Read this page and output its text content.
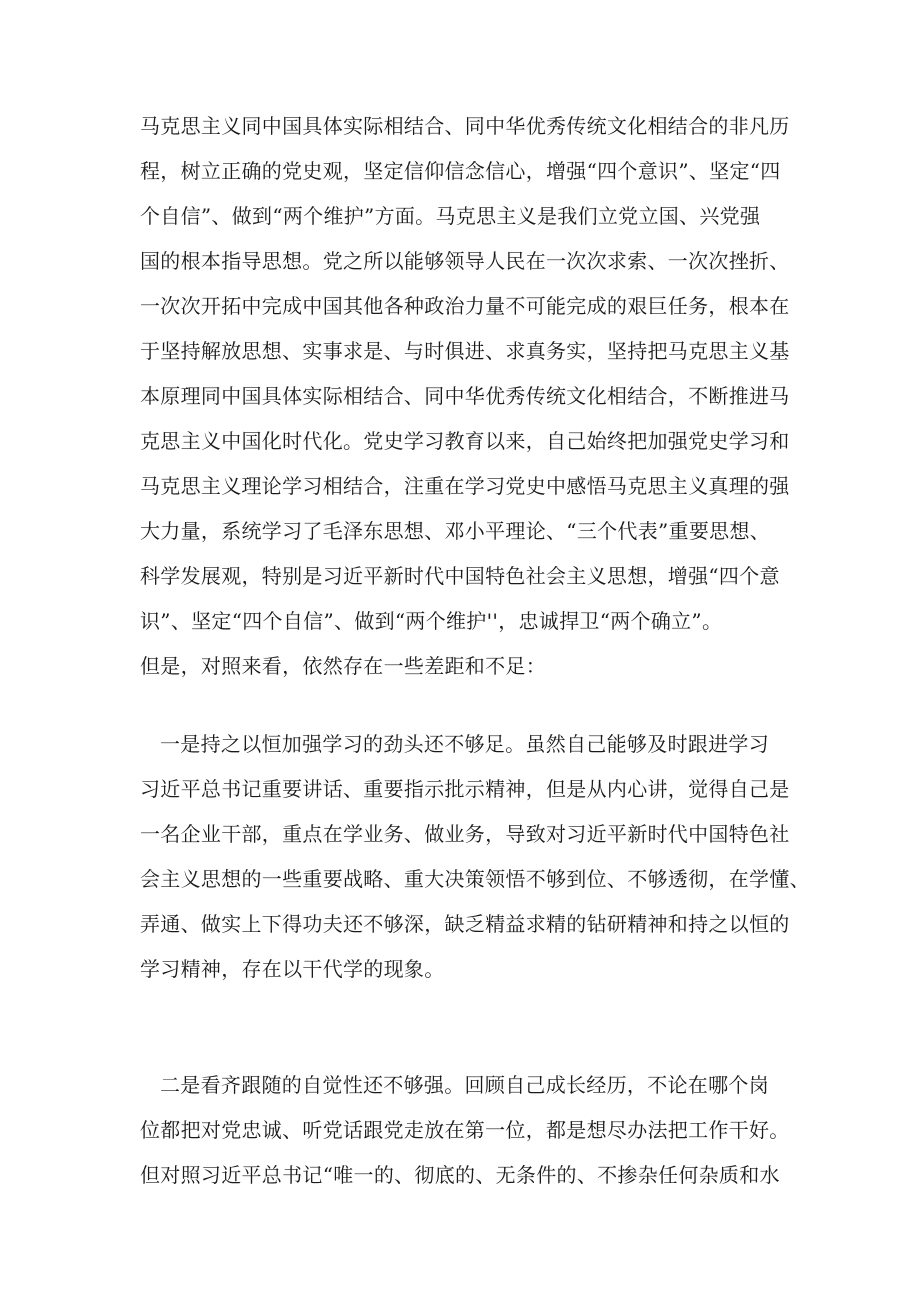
马克思主义同中国具体实际相结合、同中华优秀传统文化相结合的非凡历
程，树立正确的党史观，坚定信仰信念信心，增强“四个意识”、坚定“四
个自信”、做到“两个维护”方面。马克思主义是我们立党立国、兴党强
国的根本指导思想。党之所以能够领导人民在一次次求索、一次次挫折、
一次次开拓中完成中国其他各种政治力量不可能完成的艰巨任务，根本在
于坚持解放思想、实事求是、与时俱进、求真务实，坚持把马克思主义基
本原理同中国具体实际相结合、同中华优秀传统文化相结合，不断推进马
克思主义中国化时代化。党史学习教育以来，自己始终把加强党史学习和
马克思主义理论学习相结合，注重在学习党史中感悟马克思主义真理的强
大力量，系统学习了毛泽东思想、邓小平理论、“三个代表”重要思想、
科学发展观，特别是习近平新时代中国特色社会主义思想，增强“四个意
识”、坚定“四个自信”、做到“两个维护''，忠诚捍卫“两个确立”。
但是，对照来看，依然存在一些差距和不足：
一是持之以恒加强学习的劲头还不够足。虽然自己能够及时跟进学习
习近平总书记重要讲话、重要指示批示精神，但是从内心讲，觉得自己是
一名企业干部，重点在学业务、做业务，导致对习近平新时代中国特色社
会主义思想的一些重要战略、重大决策领悟不够到位、不够透彻，在学懂、
弄通、做实上下得功夫还不够深，缺乏精益求精的钻研精神和持之以恒的
学习精神，存在以干代学的现象。
二是看齐跟随的自觉性还不够强。回顾自己成长经历，不论在哪个岗
位都把对党忠诚、听党话跟党走放在第一位，都是想尽办法把工作干好。
但对照习近平总书记“唯一的、彻底的、无条件的、不掺杂任何杂质和水
